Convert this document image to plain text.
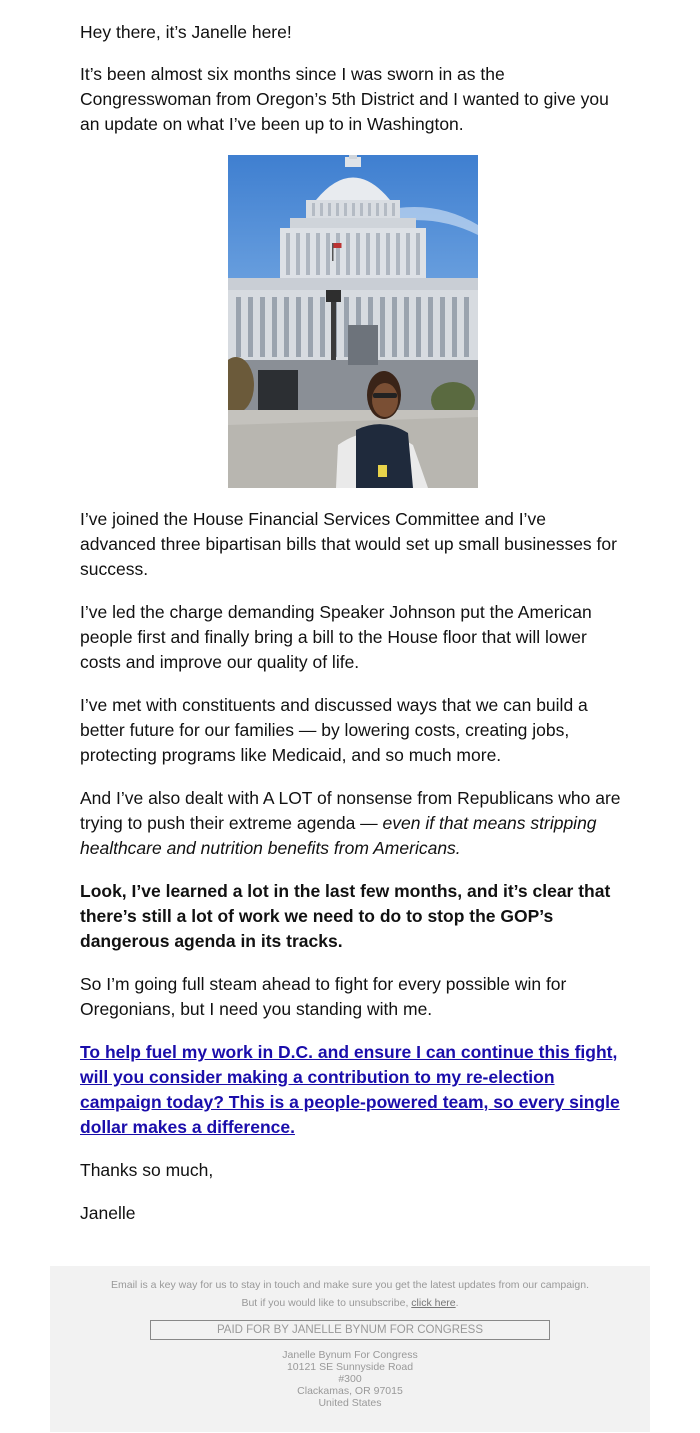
Hey there, it’s Janelle here!

It’s been almost six months since I was sworn in as the Congresswoman from Oregon’s 5th District and I wanted to give you an update on what I’ve been up to in Washington.

I’ve joined the House Financial Services Committee and I’ve advanced three bipartisan bills that would set up small businesses for success.

I’ve led the charge demanding Speaker Johnson put the American people first and finally bring a bill to the House floor that will lower costs and improve our quality of life.

I’ve met with constituents and discussed ways that we can build a better future for our families — by lowering costs, creating jobs, protecting programs like Medicaid, and so much more.

And I’ve also dealt with A LOT of nonsense from Republicans who are trying to push their extreme agenda — even if that means stripping healthcare and nutrition benefits from Americans.

Look, I’ve learned a lot in the last few months, and it’s clear that there’s still a lot of work we need to do to stop the GOP’s dangerous agenda in its tracks.

So I’m going full steam ahead to fight for every possible win for Oregonians, but I need you standing with me.

To help fuel my work in D.C. and ensure I can continue this fight, will you consider making a contribution to my re-election campaign today? This is a people-powered team, so every single dollar makes a difference.

Thanks so much,

Janelle

Email is a key way for us to stay in touch and make sure you get the latest updates from our campaign.
But if you would like to unsubscribe, click here.
PAID FOR BY JANELLE BYNUM FOR CONGRESS
Janelle Bynum For Congress
10121 SE Sunnyside Road
#300
Clackamas, OR 97015
United States
